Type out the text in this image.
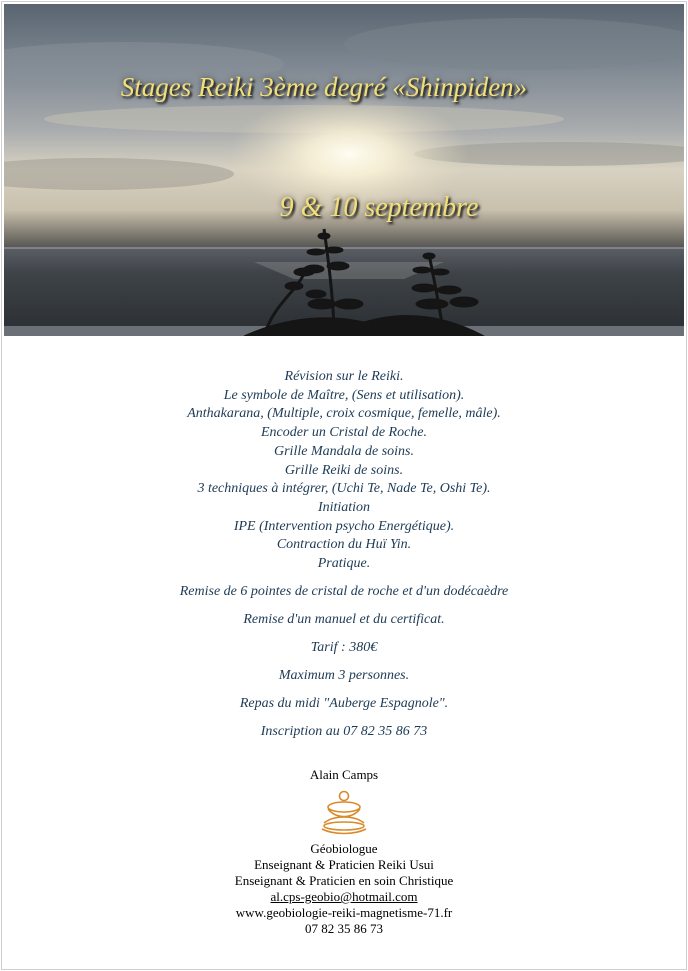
Stages Reiki 3ème degré «Shinpiden»
9 & 10 septembre
Révision sur le Reiki.
Le symbole de Maître, (Sens et utilisation).
Anthakarana, (Multiple, croix cosmique, femelle, mâle).
Encoder un Cristal de Roche.
Grille Mandala de soins.
Grille Reiki de soins.
3 techniques à intégrer, (Uchi Te, Nade Te, Oshi Te).
Initiation
IPE (Intervention psycho Energétique).
Contraction du Huï Yin.
Pratique.
Remise de 6 pointes de cristal de roche et d'un dodécaèdre
Remise d'un manuel et du certificat.
Tarif : 380€
Maximum 3 personnes.
Repas du midi "Auberge Espagnole".
Inscription au 07 82 35 86 73
Alain Camps
Géobiologue
Enseignant & Praticien Reiki Usui
Enseignant & Praticien en soin Christique
al.cps-geobio@hotmail.com
www.geobiologie-reiki-magnetisme-71.fr
07 82 35 86 73
